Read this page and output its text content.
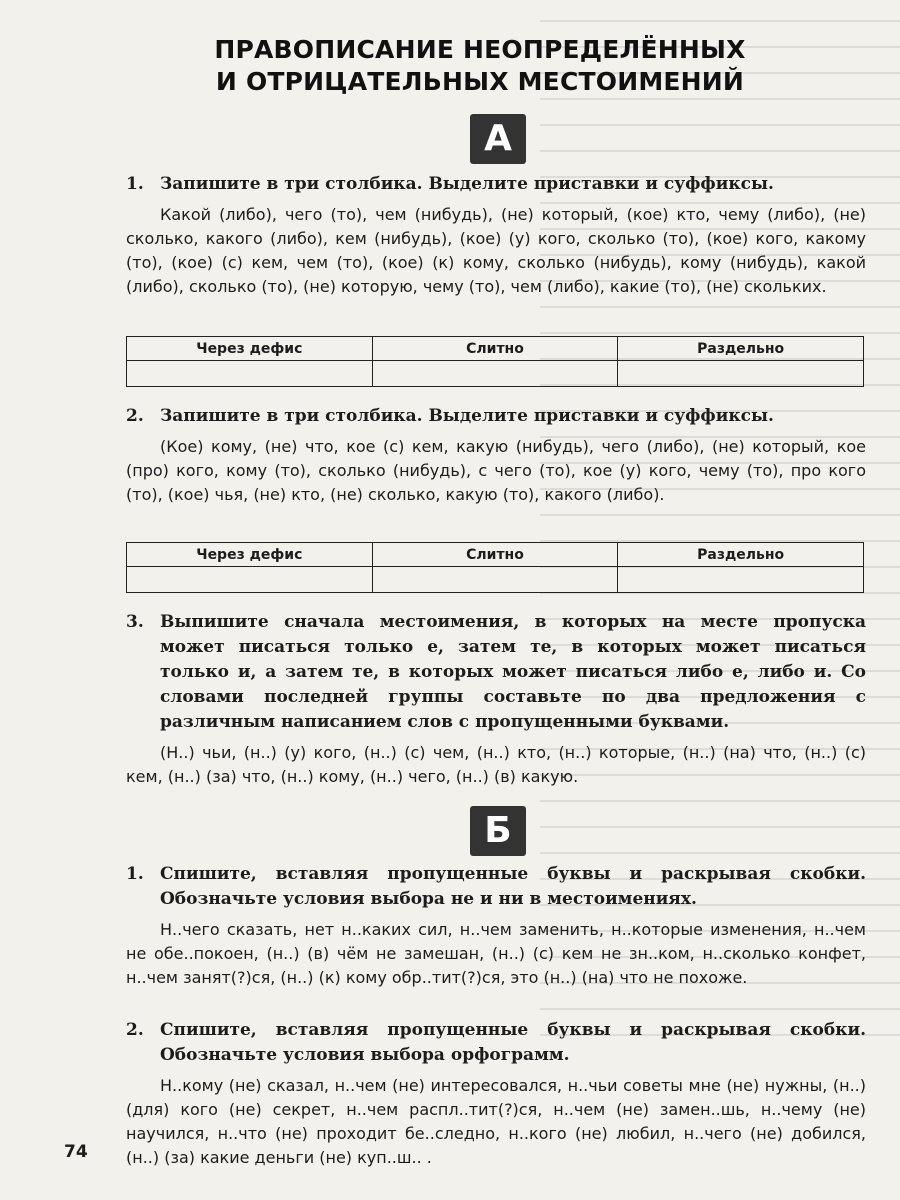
ПРАВОПИСАНИЕ НЕОПРЕДЕЛЁННЫХ
И ОТРИЦАТЕЛЬНЫХ МЕСТОИМЕНИЙ
А
1. Запишите в три столбика. Выделите приставки и суффиксы.
Какой (либо), чего (то), чем (нибудь), (не) который, (кое) кто, чему (либо), (не) сколько, какого (либо), кем (нибудь), (кое) (у) кого, сколько (то), (кое) кого, какому (то), (кое) (с) кем, чем (то), (кое) (к) кому, сколько (нибудь), кому (нибудь), какой (либо), сколько (то), (не) которую, чему (то), чем (либо), какие (то), (не) скольких.
Через дефис	Слитно	Раздельно

2. Запишите в три столбика. Выделите приставки и суффиксы.
(Кое) кому, (не) что, кое (с) кем, какую (нибудь), чего (либо), (не) который, кое (про) кого, кому (то), сколько (нибудь), с чего (то), кое (у) кого, чему (то), про кого (то), (кое) чья, (не) кто, (не) сколько, какую (то), какого (либо).
Через дефис	Слитно	Раздельно

3. Выпишите сначала местоимения, в которых на месте пропуска может писаться только е, затем те, в которых может писаться только и, а затем те, в которых может писаться либо е, либо и. Со словами последней группы составьте по два предложения с различным написанием слов с пропущенными буквами.
(Н..) чьи, (н..) (у) кого, (н..) (с) чем, (н..) кто, (н..) которые, (н..) (на) что, (н..) (с) кем, (н..) (за) что, (н..) кому, (н..) чего, (н..) (в) какую.
Б
1. Спишите, вставляя пропущенные буквы и раскрывая скобки. Обозначьте условия выбора не и ни в местоимениях.
Н..чего сказать, нет н..каких сил, н..чем заменить, н..которые изменения, н..чем не обе..покоен, (н..) (в) чём не замешан, (н..) (с) кем не зн..ком, н..сколько конфет, н..чем занят(?)ся, (н..) (к) кому обр..тит(?)ся, это (н..) (на) что не похоже.
2. Спишите, вставляя пропущенные буквы и раскрывая скобки. Обозначьте условия выбора орфограмм.
Н..кому (не) сказал, н..чем (не) интересовался, н..чьи советы мне (не) нужны, (н..) (для) кого (не) секрет, н..чем распл..тит(?)ся, н..чем (не) замен..шь, н..чему (не) научился, н..что (не) проходит бе..следно, н..кого (не) любил, н..чего (не) добился, (н..) (за) какие деньги (не) куп..ш.. .
74
